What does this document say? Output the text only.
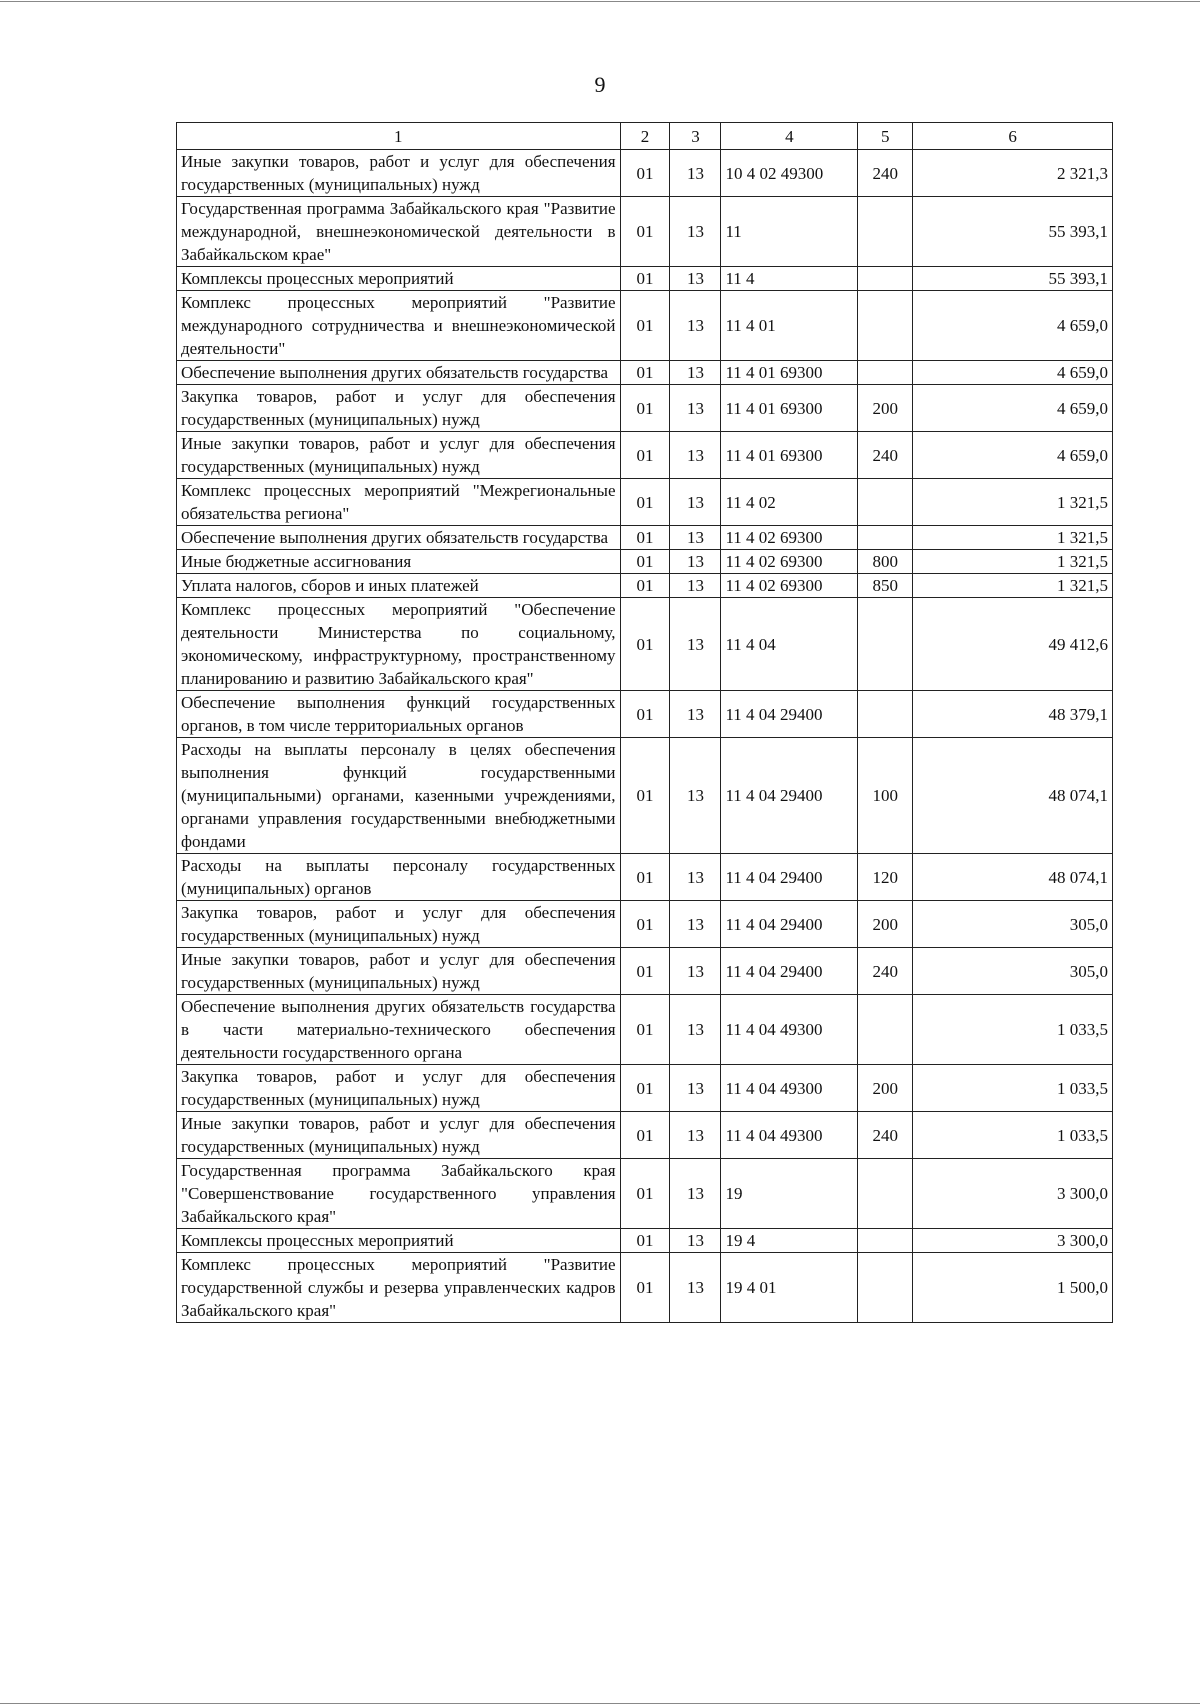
9
1	2	3	4	5	6
Иные закупки товаров, работ и услуг для обеспечения государственных (муниципальных) нужд	01	13	10 4 02 49300	240	2 321,3
Государственная программа Забайкальского края "Развитие международной, внешнеэкономической деятельности в Забайкальском крае"	01	13	11		55 393,1
Комплексы процессных мероприятий	01	13	11 4		55 393,1
Комплекс процессных мероприятий "Развитие международного сотрудничества и внешнеэкономической деятельности"	01	13	11 4 01		4 659,0
Обеспечение выполнения других обязательств государства	01	13	11 4 01 69300		4 659,0
Закупка товаров, работ и услуг для обеспечения государственных (муниципальных) нужд	01	13	11 4 01 69300	200	4 659,0
Иные закупки товаров, работ и услуг для обеспечения государственных (муниципальных) нужд	01	13	11 4 01 69300	240	4 659,0
Комплекс процессных мероприятий "Межрегиональные обязательства региона"	01	13	11 4 02		1 321,5
Обеспечение выполнения других обязательств государства	01	13	11 4 02 69300		1 321,5
Иные бюджетные ассигнования	01	13	11 4 02 69300	800	1 321,5
Уплата налогов, сборов и иных платежей	01	13	11 4 02 69300	850	1 321,5
Комплекс процессных мероприятий "Обеспечение деятельности Министерства по социальному, экономическому, инфраструктурному, пространственному планированию и развитию Забайкальского края"	01	13	11 4 04		49 412,6
Обеспечение выполнения функций государственных органов, в том числе территориальных органов	01	13	11 4 04 29400		48 379,1
Расходы на выплаты персоналу в целях обеспечения выполнения функций государственными (муниципальными) органами, казенными учреждениями, органами управления государственными внебюджетными фондами	01	13	11 4 04 29400	100	48 074,1
Расходы на выплаты персоналу государственных (муниципальных) органов	01	13	11 4 04 29400	120	48 074,1
Закупка товаров, работ и услуг для обеспечения государственных (муниципальных) нужд	01	13	11 4 04 29400	200	305,0
Иные закупки товаров, работ и услуг для обеспечения государственных (муниципальных) нужд	01	13	11 4 04 29400	240	305,0
Обеспечение выполнения других обязательств государства в части материально-технического обеспечения деятельности государственного органа	01	13	11 4 04 49300		1 033,5
Закупка товаров, работ и услуг для обеспечения государственных (муниципальных) нужд	01	13	11 4 04 49300	200	1 033,5
Иные закупки товаров, работ и услуг для обеспечения государственных (муниципальных) нужд	01	13	11 4 04 49300	240	1 033,5
Государственная программа Забайкальского края "Совершенствование государственного управления Забайкальского края"	01	13	19		3 300,0
Комплексы процессных мероприятий	01	13	19 4		3 300,0
Комплекс процессных мероприятий "Развитие государственной службы и резерва управленческих кадров Забайкальского края"	01	13	19 4 01		1 500,0
